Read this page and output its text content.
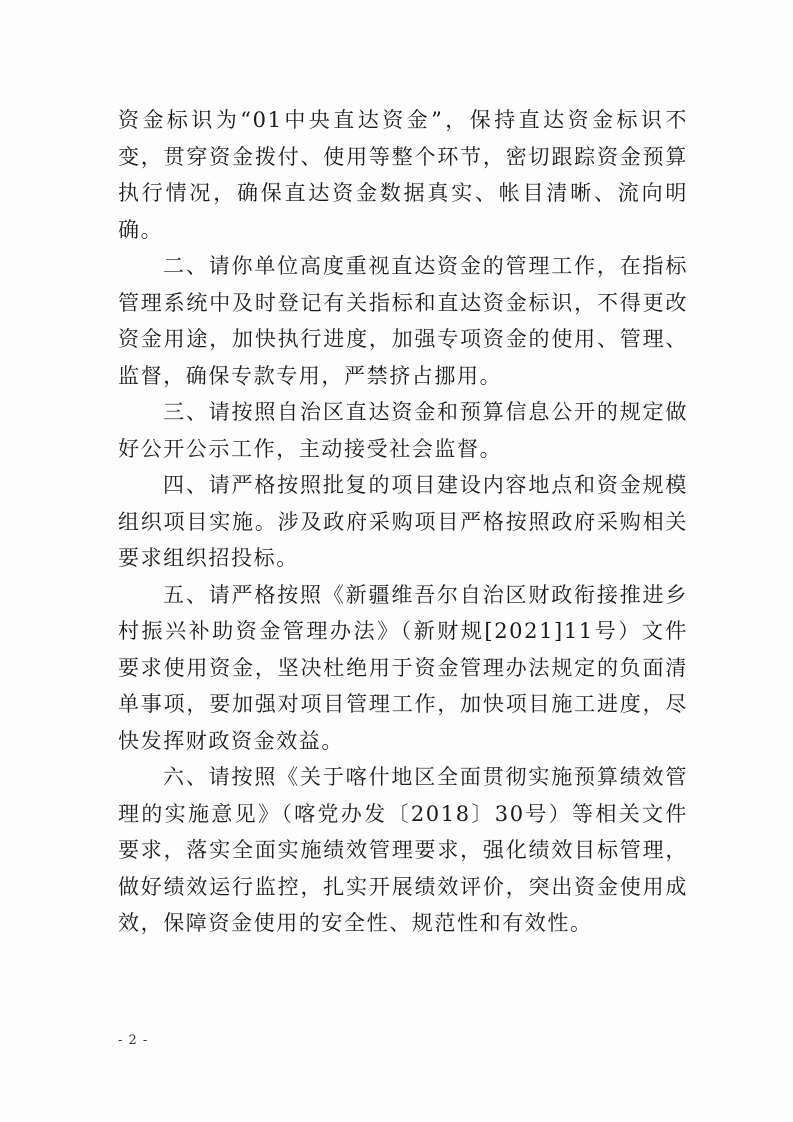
资金标识为“01中央直达资金”，保持直达资金标识不变，贯穿资金拨付、使用等整个环节，密切跟踪资金预算执行情况，确保直达资金数据真实、帐目清晰、流向明确。

二、请你单位高度重视直达资金的管理工作，在指标管理系统中及时登记有关指标和直达资金标识，不得更改资金用途，加快执行进度，加强专项资金的使用、管理、监督，确保专款专用，严禁挤占挪用。

三、请按照自治区直达资金和预算信息公开的规定做好公开公示工作，主动接受社会监督。

四、请严格按照批复的项目建设内容地点和资金规模组织项目实施。涉及政府采购项目严格按照政府采购相关要求组织招投标。

五、请严格按照《新疆维吾尔自治区财政衔接推进乡村振兴补助资金管理办法》（新财规[2021]11号）文件要求使用资金，坚决杜绝用于资金管理办法规定的负面清单事项，要加强对项目管理工作，加快项目施工进度，尽快发挥财政资金效益。

六、请按照《关于喀什地区全面贯彻实施预算绩效管理的实施意见》（喀党办发〔2018〕30号）等相关文件要求，落实全面实施绩效管理要求，强化绩效目标管理，做好绩效运行监控，扎实开展绩效评价，突出资金使用成效，保障资金使用的安全性、规范性和有效性。

- 2 -
